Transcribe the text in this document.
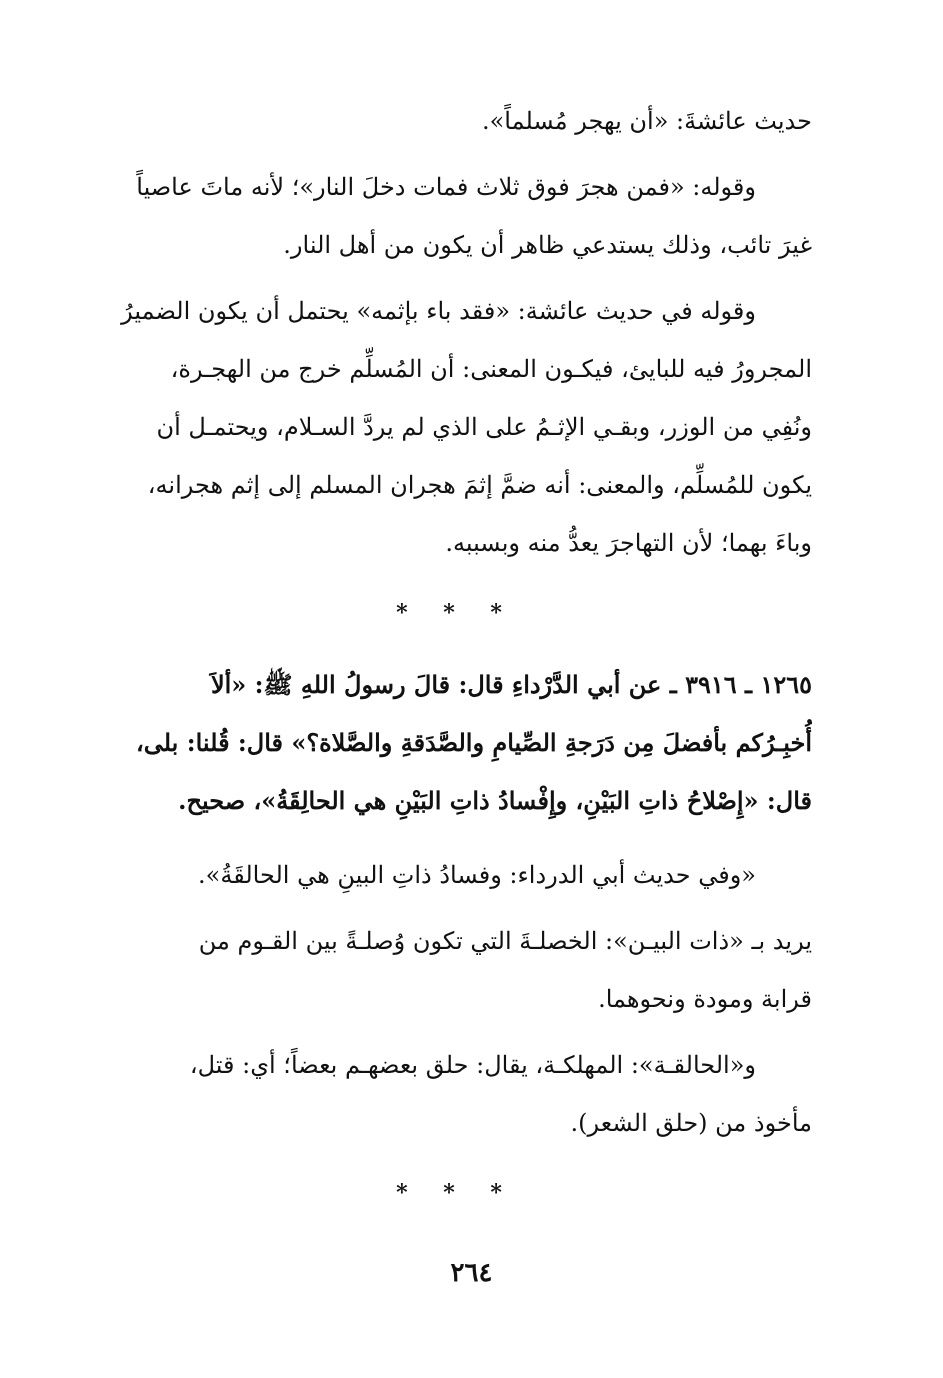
حديث عائشةَ: «أن يهجر مُسلماً».
وقوله: «فمن هجرَ فوق ثلاث فمات دخلَ النار»؛ لأنه ماتَ عاصياً
غيرَ تائب، وذلك يستدعي ظاهر أن يكون من أهل النار.
وقوله في حديث عائشة: «فقد باء بإثمه» يحتمل أن يكون الضميرُ
المجرورُ فيه للبايئ، فيكـون المعنى: أن المُسلِّم خرج من الهجـرة،
ونُفِي من الوزر، وبقـي الإثـمُ على الذي لم يردَّ السـلام، ويحتمـل أن
يكون للمُسلِّم، والمعنى: أنه ضمَّ إثمَ هجران المسلم إلى إثم هجرانه،
وباءَ بهما؛ لأن التهاجرَ يعدُّ منه وبسببه.
* * *
١٢٦٥ ـ ٣٩١٦ ـ عن أبي الدَّرْداءِ قال: قالَ رسولُ اللهِ ﷺ: «ألاَ
أُخبِـرُكم بأفضلَ مِن دَرَجةِ الصِّيامِ والصَّدَقةِ والصَّلاة؟» قال: قُلنا: بلى،
قال: «إِصْلاحُ ذاتِ البَيْنِ، وإِفْسادُ ذاتِ البَيْنِ هي الحالِقَةُ»، صحيح.
«وفي حديث أبي الدرداء: وفسادُ ذاتِ البينِ هي الحالقَةُ».
يريد بـ «ذات البيـن»: الخصلـةَ التي تكون وُصلـةً بين القـوم من
قرابة ومودة ونحوهما.
و«الحالقـة»: المهلكـة، يقال: حلق بعضهـم بعضاً؛ أي: قتل،
مأخوذ من (حلق الشعر).
* * *
٢٦٤
